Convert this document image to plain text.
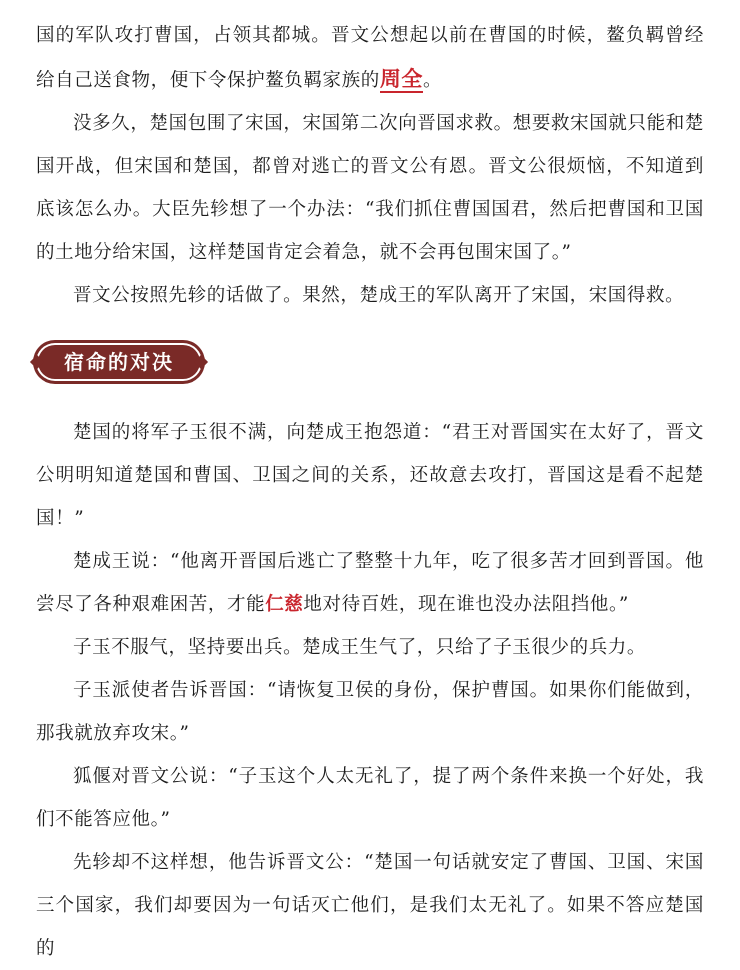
国的军队攻打曹国，占领其都城。晋文公想起以前在曹国的时候，鳌负羁曾经给自己送食物，便下令保护鳌负羁家族的周全。

没多久，楚国包围了宋国，宋国第二次向晋国求救。想要救宋国就只能和楚国开战，但宋国和楚国，都曾对逃亡的晋文公有恩。晋文公很烦恼，不知道到底该怎么办。大臣先轸想了一个办法：“我们抓住曹国国君，然后把曹国和卫国的土地分给宋国，这样楚国肯定会着急，就不会再包围宋国了。”

晋文公按照先轸的话做了。果然，楚成王的军队离开了宋国，宋国得救。

宿命的对决

楚国的将军子玉很不满，向楚成王抱怨道：“君王对晋国实在太好了，晋文公明明知道楚国和曹国、卫国之间的关系，还故意去攻打，晋国这是看不起楚国！”

楚成王说：“他离开晋国后逃亡了整整十九年，吃了很多苦才回到晋国。他尝尽了各种艰难困苦，才能仁慈地对待百姓，现在谁也没办法阻挡他。”

子玉不服气，坚持要出兵。楚成王生气了，只给了子玉很少的兵力。

子玉派使者告诉晋国：“请恢复卫侯的身份，保护曹国。如果你们能做到，那我就放弃攻宋。”

狐偃对晋文公说：“子玉这个人太无礼了，提了两个条件来换一个好处，我们不能答应他。”

先轸却不这样想，他告诉晋文公：“楚国一句话就安定了曹国、卫国、宋国三个国家，我们却要因为一句话灭亡他们，是我们太无礼了。如果不答应楚国的
